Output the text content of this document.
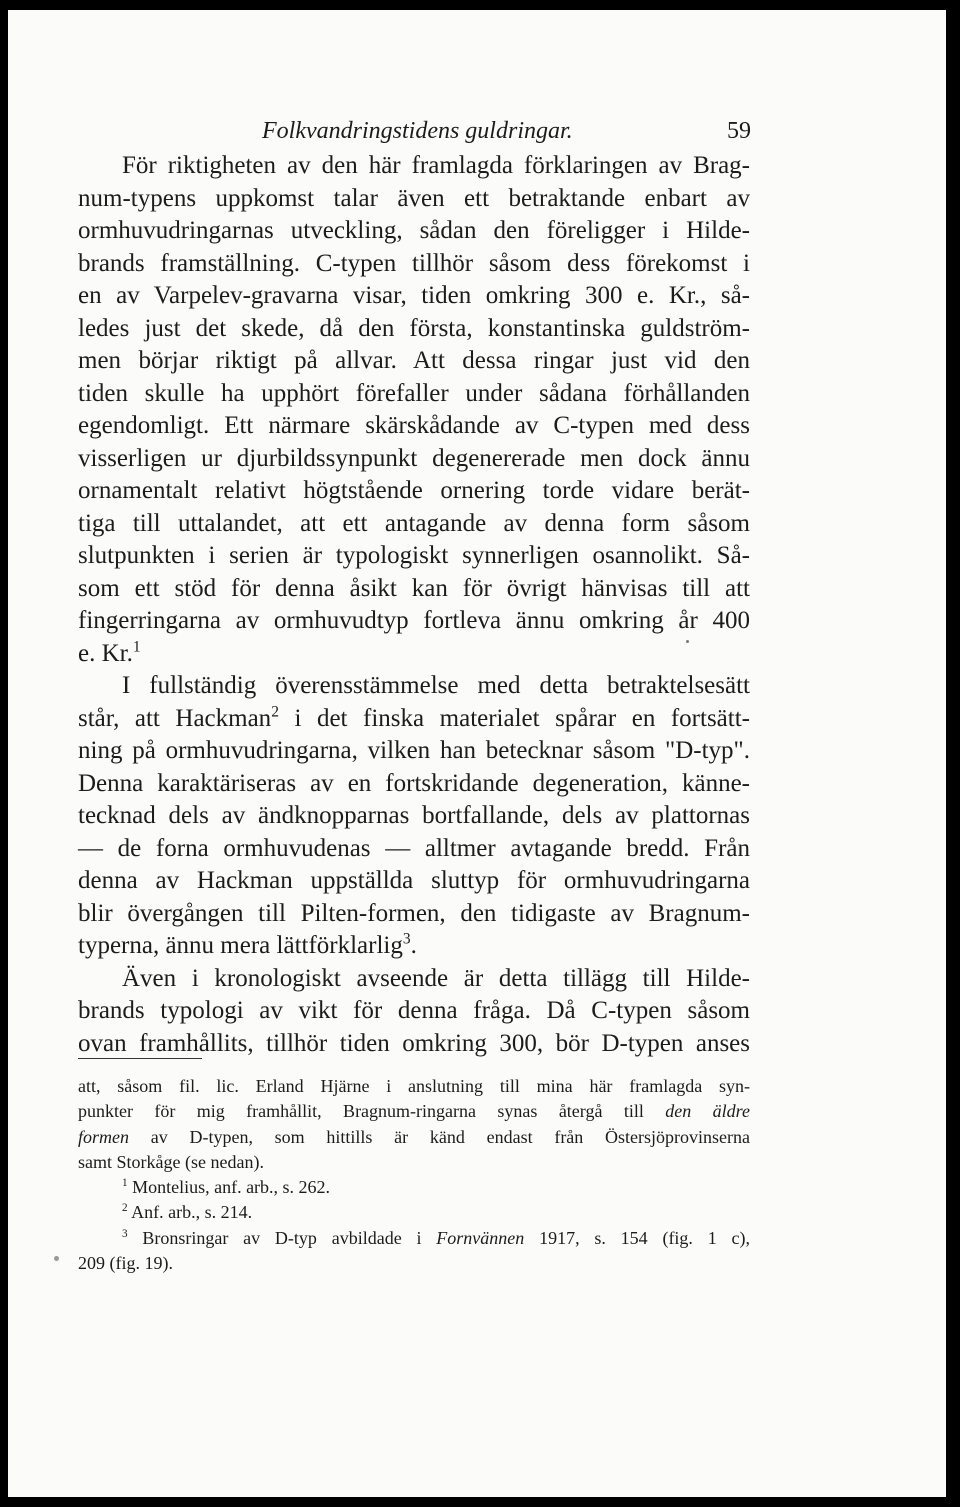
Folkvandringstidens guldringar.	59
För riktigheten av den här framlagda förklaringen av Brag-
num-typens uppkomst talar även ett betraktande enbart av
ormhuvudringarnas utveckling, sådan den föreligger i Hilde-
brands framställning. C-typen tillhör såsom dess förekomst i
en av Varpelev-gravarna visar, tiden omkring 300 e. Kr., så-
ledes just det skede, då den första, konstantinska guldström-
men börjar riktigt på allvar. Att dessa ringar just vid den
tiden skulle ha upphört förefaller under sådana förhållanden
egendomligt. Ett närmare skärskådande av C-typen med dess
visserligen ur djurbildssynpunkt degenererade men dock ännu
ornamentalt relativt högtstående ornering torde vidare berät-
tiga till uttalandet, att ett antagande av denna form såsom
slutpunkten i serien är typologiskt synnerligen osannolikt. Så-
som ett stöd för denna åsikt kan för övrigt hänvisas till att
fingerringarna av ormhuvudtyp fortleva ännu omkring år 400
e. Kr.$^1$
I fullständig överensstämmelse med detta betraktelsesätt
står, att Hackman$^2$ i det finska materialet spårar en fortsätt-
ning på ormhuvudringarna, vilken han betecknar såsom "D-typ".
Denna karaktäriseras av en fortskridande degeneration, känne-
tecknad dels av ändknopparnas bortfallande, dels av plattornas
— de forna ormhuvudenas — alltmer avtagande bredd. Från
denna av Hackman uppställda sluttyp för ormhuvudringarna
blir övergången till Pilten-formen, den tidigaste av Bragnum-
typerna, ännu mera lättförklarlig$^3$.
Även i kronologiskt avseende är detta tillägg till Hilde-
brands typologi av vikt för denna fråga. Då C-typen såsom
ovan framhållits, tillhör tiden omkring 300, bör D-typen anses
att, såsom fil. lic. Erland Hjärne i anslutning till mina här framlagda syn-
punkter för mig framhållit, Bragnum-ringarna synas återgå till den äldre
formen av D-typen, som hittills är känd endast från Östersjöprovinserna
samt Storkåge (se nedan).
$^1$ Montelius, anf. arb., s. 262.
$^2$ Anf. arb., s. 214.
$^3$ Bronsringar av D-typ avbildade i Fornvännen 1917, s. 154 (fig. 1 c),
209 (fig. 19).
